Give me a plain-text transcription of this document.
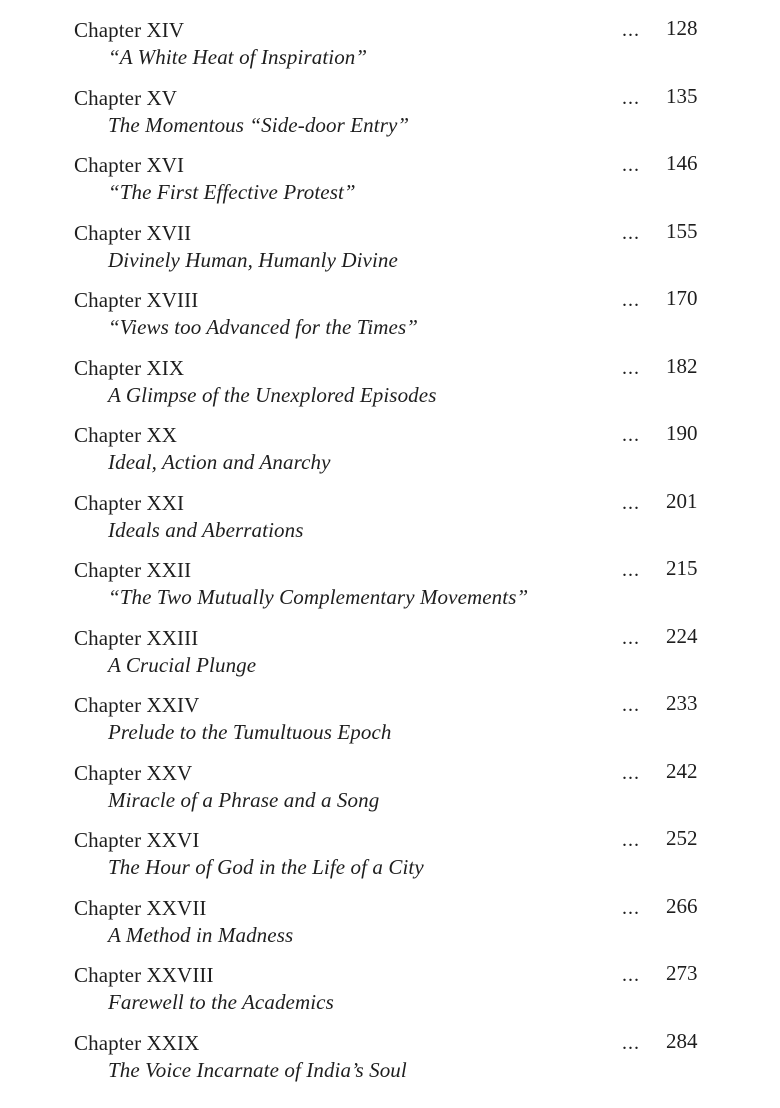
Chapter XIV	... 128
“A White Heat of Inspiration”
Chapter XV	... 135
The Momentous “Side-door Entry”
Chapter XVI	... 146
“The First Effective Protest”
Chapter XVII	... 155
Divinely Human, Humanly Divine
Chapter XVIII	... 170
“Views too Advanced for the Times”
Chapter XIX	... 182
A Glimpse of the Unexplored Episodes
Chapter XX	... 190
Ideal, Action and Anarchy
Chapter XXI	... 201
Ideals and Aberrations
Chapter XXII	... 215
“The Two Mutually Complementary Movements”
Chapter XXIII	... 224
A Crucial Plunge
Chapter XXIV	... 233
Prelude to the Tumultuous Epoch
Chapter XXV	... 242
Miracle of a Phrase and a Song
Chapter XXVI	... 252
The Hour of God in the Life of a City
Chapter XXVII	... 266
A Method in Madness
Chapter XXVIII	... 273
Farewell to the Academics
Chapter XXIX	... 284
The Voice Incarnate of India’s Soul
